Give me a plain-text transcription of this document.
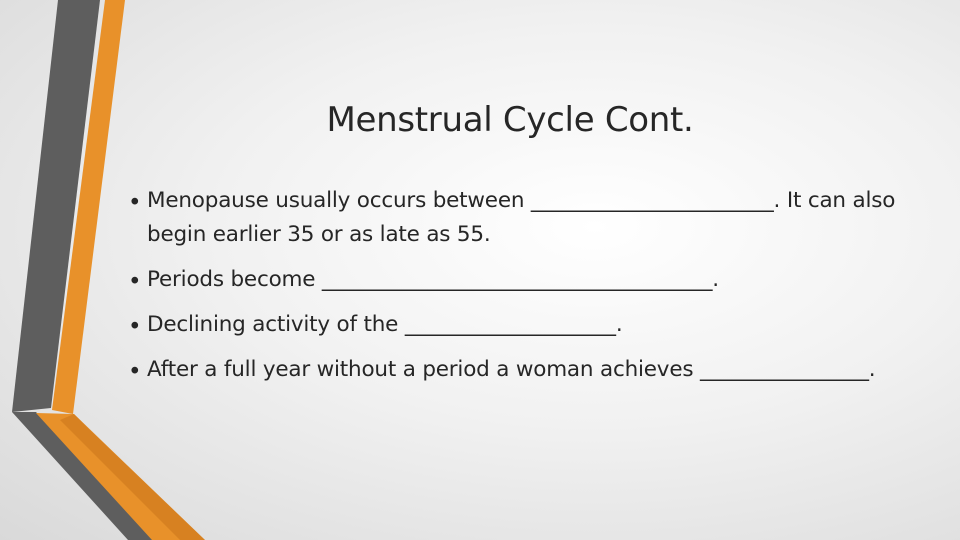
Menstrual Cycle Cont.
• Menopause usually occurs between _______________________. It can also begin earlier 35 or as late as 55.
• Periods become _____________________________________.
• Declining activity of the ____________________.
• After a full year without a period a woman achieves ________________.
